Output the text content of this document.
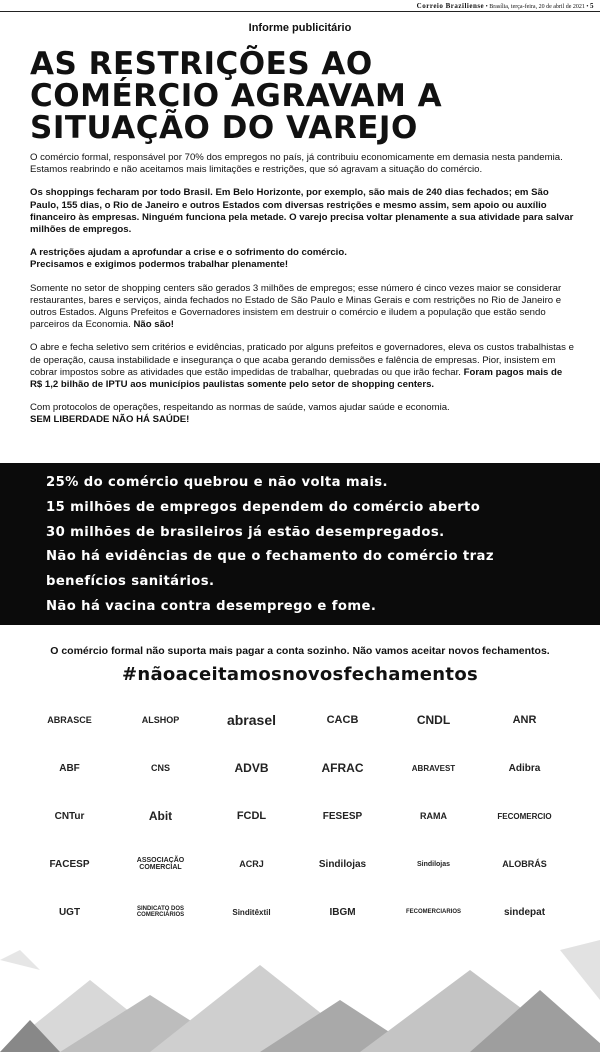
Correio Braziliense • Brasília, terça-feira, 20 de abril de 2021 • 5
Informe publicitário
AS RESTRIÇÕES AO
COMÉRCIO AGRAVAM A
SITUAÇÃO DO VAREJO

O comércio formal, responsável por 70% dos empregos no país, já contribuiu economicamente em demasia nesta pandemia. Estamos reabrindo e não aceitamos mais limitações e restrições, que só agravam a situação do comércio.

Os shoppings fecharam por todo Brasil. Em Belo Horizonte, por exemplo, são mais de 240 dias fechados; em São Paulo, 155 dias, o Rio de Janeiro e outros Estados com diversas restrições e mesmo assim, sem apoio ou auxílio financeiro às empresas. Ninguém funciona pela metade. O varejo precisa voltar plenamente a sua atividade para salvar milhões de empregos.

A restrições ajudam a aprofundar a crise e o sofrimento do comércio.
Precisamos e exigimos podermos trabalhar plenamente!

Somente no setor de shopping centers são gerados 3 milhões de empregos; esse número é cinco vezes maior se considerar restaurantes, bares e serviços, ainda fechados no Estado de São Paulo e Minas Gerais e com restrições no Rio de Janeiro e outros Estados. Alguns Prefeitos e Governadores insistem em destruir o comércio e iludem a população que estão sendo parceiros da Economia. Não são!

O abre e fecha seletivo sem critérios e evidências, praticado por alguns prefeitos e governadores, eleva os custos trabalhistas e de operação, causa instabilidade e insegurança o que acaba gerando demissões e falência de empresas. Pior, insistem em cobrar impostos sobre as atividades que estão impedidas de trabalhar, quebradas ou que irão fechar. Foram pagos mais de R$ 1,2 bilhão de IPTU aos municípios paulistas somente pelo setor de shopping centers.

Com protocolos de operações, respeitando as normas de saúde, vamos ajudar saúde e economia.
SEM LIBERDADE NÃO HÁ SAÚDE!

25% do comércio quebrou e não volta mais.
15 milhões de empregos dependem do comércio aberto
30 milhões de brasileiros já estão desempregados.
Não há evidências de que o fechamento do comércio traz
benefícios sanitários.
Não há vacina contra desemprego e fome.
O comércio formal não suporta mais pagar a conta sozinho. Não vamos aceitar novos fechamentos.
#nãoaceitamosnovosfechamentos
ABRASCE	ALSHOP	abrasel	CACB	CNDL	ANR
ABF	CNS	ADVB	AFRAC	ABRAVEST	Adibra
CNTur	Abit	FCDL	FESESP	RAMA	FECOMERCIO
FACESP	ASSOCIAÇÃO COMERCIAL	ACRJ	Sindilojas	Sindilojas	ALOBRÁS
UGT	SINDICATO DOS COMERCIÁRIOS	Sinditêxtil	IBGM	FECOMERCIARIOS	sindepat
